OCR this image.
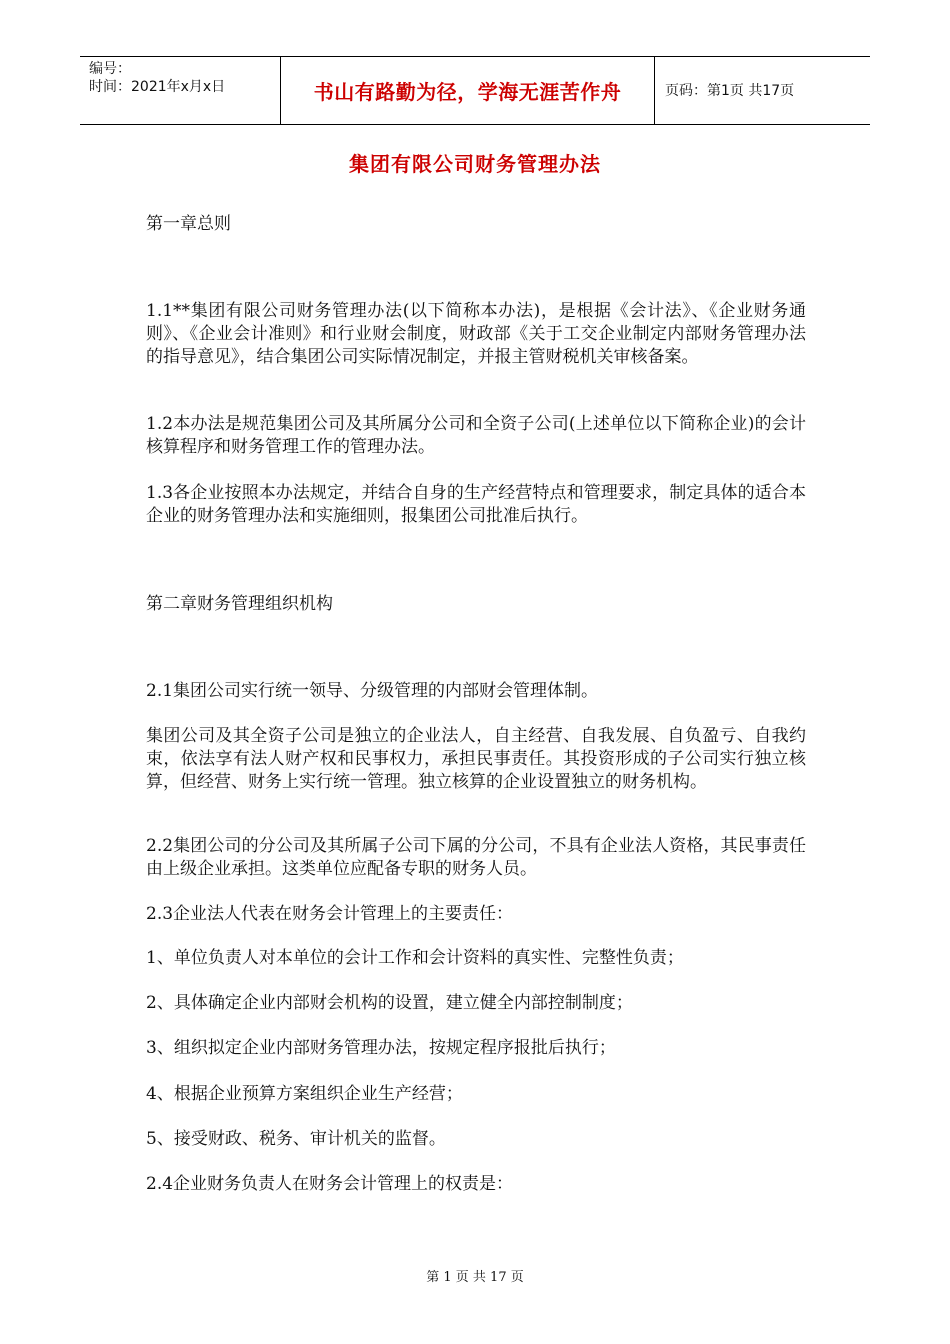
编号：
时间：2021年x月x日	书山有路勤为径，学海无涯苦作舟	页码：第1页 共17页
集团有限公司财务管理办法

第一章总则

1.1**集团有限公司财务管理办法(以下简称本办法)，是根据《会计法》、《企业财务通则》、《企业会计准则》和行业财会制度，财政部《关于工交企业制定内部财务管理办法的指导意见》，结合集团公司实际情况制定，并报主管财税机关审核备案。

1.2本办法是规范集团公司及其所属分公司和全资子公司(上述单位以下简称企业)的会计核算程序和财务管理工作的管理办法。

1.3各企业按照本办法规定，并结合自身的生产经营特点和管理要求，制定具体的适合本企业的财务管理办法和实施细则，报集团公司批准后执行。

第二章财务管理组织机构

2.1集团公司实行统一领导、分级管理的内部财会管理体制。

集团公司及其全资子公司是独立的企业法人，自主经营、自我发展、自负盈亏、自我约束，依法享有法人财产权和民事权力，承担民事责任。其投资形成的子公司实行独立核算，但经营、财务上实行统一管理。独立核算的企业设置独立的财务机构。

2.2集团公司的分公司及其所属子公司下属的分公司，不具有企业法人资格，其民事责任由上级企业承担。这类单位应配备专职的财务人员。

2.3企业法人代表在财务会计管理上的主要责任：

1、单位负责人对本单位的会计工作和会计资料的真实性、完整性负责；

2、具体确定企业内部财会机构的设置，建立健全内部控制制度；

3、组织拟定企业内部财务管理办法，按规定程序报批后执行；

4、根据企业预算方案组织企业生产经营；

5、接受财政、税务、审计机关的监督。

2.4企业财务负责人在财务会计管理上的权责是：

第 1 页 共 17 页
